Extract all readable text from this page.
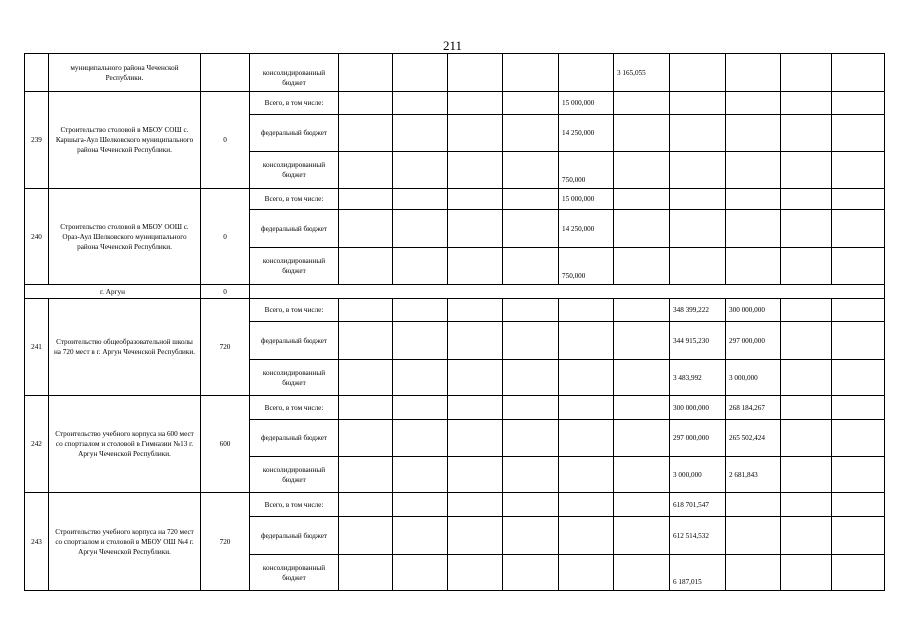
211
	муниципального района Чеченской Республики.		консолидированный бюджет						3 165,055				
239	Строительство столовой в МБОУ СОШ с. Каршыга-Аул Шелковского муниципального района Чеченской Республики.	0	Всего, в том числе:					15 000,000					
			федеральный бюджет					14 250,000					
			консолидированный бюджет					750,000					
240	Строительство столовой в МБОУ ООШ с. Ораз-Аул Шелковского муниципального района Чеченской Республики.	0	Всего, в том числе:					15 000,000					
			федеральный бюджет					14 250,000					
			консолидированный бюджет					750,000					
г. Аргун		0											
241	Строительство общеобразовательной школы на 720 мест в г. Аргун Чеченской Республики.	720	Всего, в том числе:							348 399,222	300 000,000		
			федеральный бюджет							344 915,230	297 000,000		
			консолидированный бюджет							3 483,992	3 000,000		
242	Строительство учебного корпуса на 600 мест со спортзалом и столовой в Гимназии №13 г. Аргун Чеченской Республики.	600	Всего, в том числе:							300 000,000	268 184,267		
			федеральный бюджет							297 000,000	265 502,424		
			консолидированный бюджет							3 000,000	2 681,843		
243	Строительство учебного корпуса на 720 мест со спортзалом и столовой в МБОУ ОШ №4 г. Аргун Чеченской Республики.	720	Всего, в том числе:							618 701,547			
			федеральный бюджет							612 514,532			
			консолидированный бюджет							6 187,015			
